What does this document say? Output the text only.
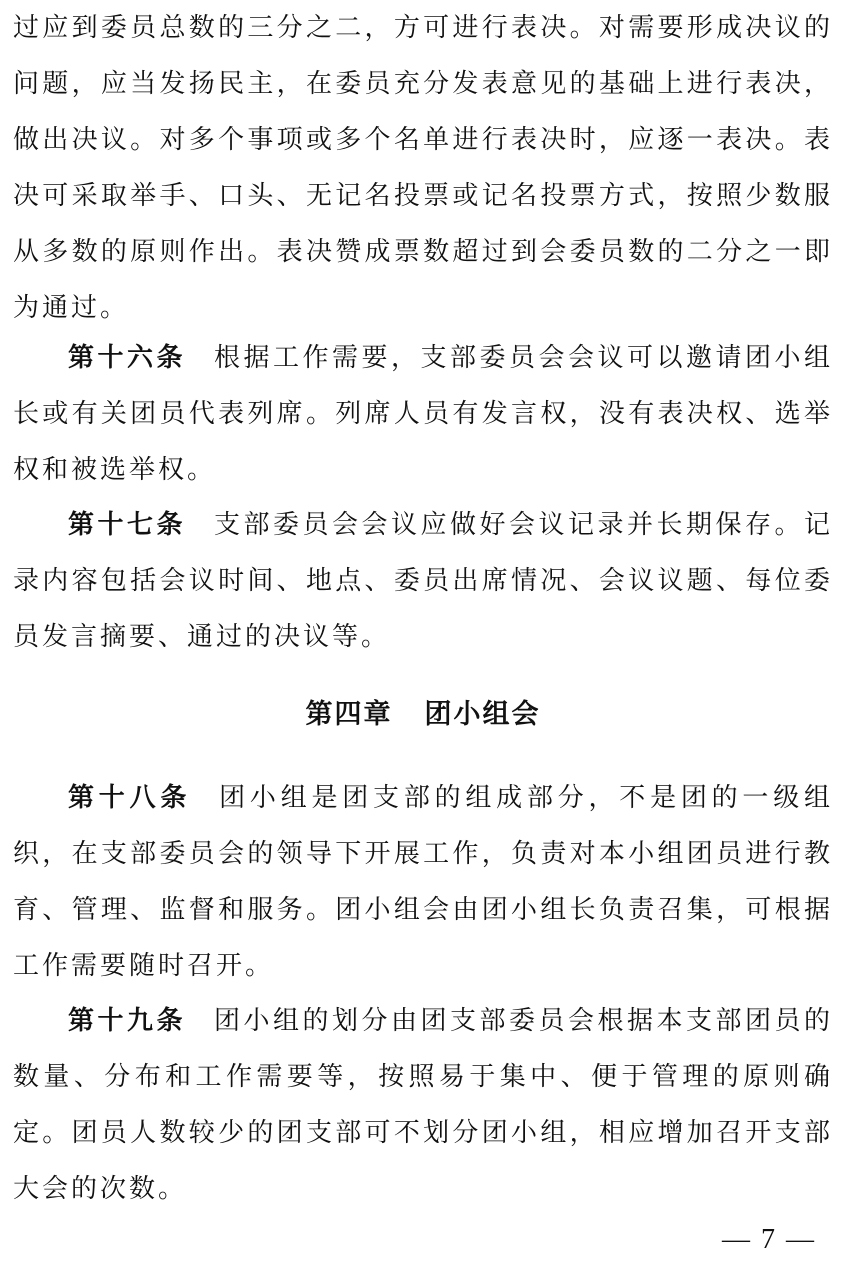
过应到委员总数的三分之二，方可进行表决。对需要形成决议的问题，应当发扬民主，在委员充分发表意见的基础上进行表决，做出决议。对多个事项或多个名单进行表决时，应逐一表决。表决可采取举手、口头、无记名投票或记名投票方式，按照少数服从多数的原则作出。表决赞成票数超过到会委员数的二分之一即为通过。

第十六条 根据工作需要，支部委员会会议可以邀请团小组长或有关团员代表列席。列席人员有发言权，没有表决权、选举权和被选举权。

第十七条 支部委员会会议应做好会议记录并长期保存。记录内容包括会议时间、地点、委员出席情况、会议议题、每位委员发言摘要、通过的决议等。

第四章 团小组会

第十八条 团小组是团支部的组成部分，不是团的一级组织，在支部委员会的领导下开展工作，负责对本小组团员进行教育、管理、监督和服务。团小组会由团小组长负责召集，可根据工作需要随时召开。

第十九条 团小组的划分由团支部委员会根据本支部团员的数量、分布和工作需要等，按照易于集中、便于管理的原则确定。团员人数较少的团支部可不划分团小组，相应增加召开支部大会的次数。

— 7 —
